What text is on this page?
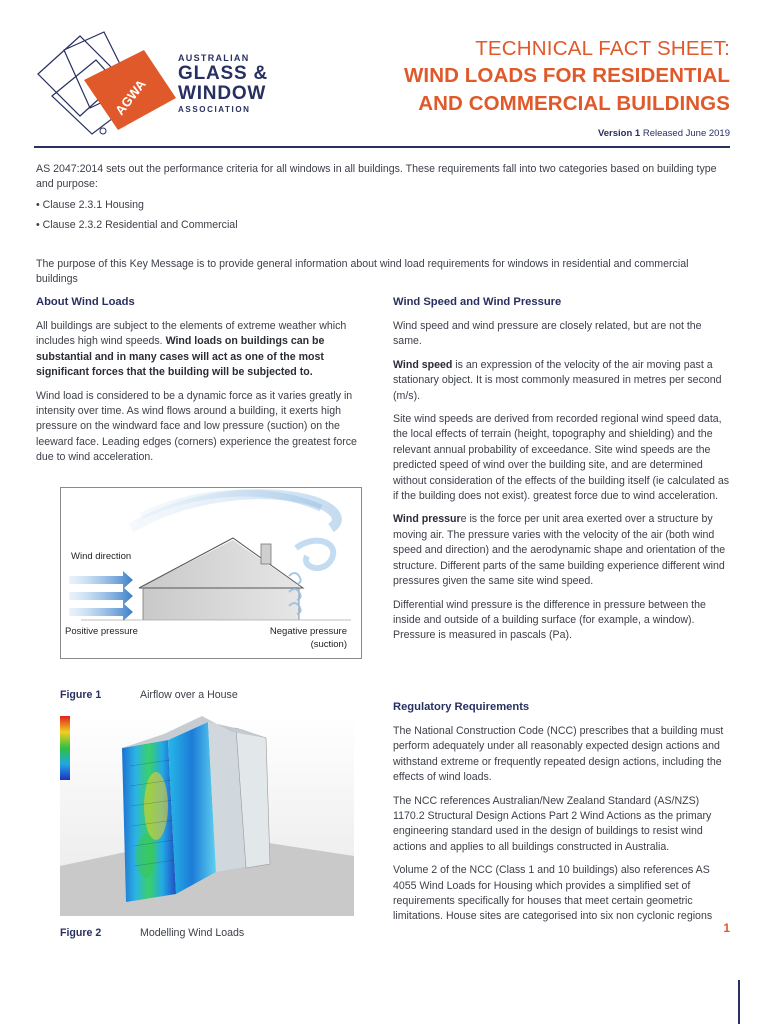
AGWA
AUSTRALIAN
GLASS &
WINDOW
ASSOCIATION
TECHNICAL FACT SHEET:
WIND LOADS FOR RESIDENTIAL
AND COMMERCIAL BUILDINGS
Version 1 Released June 2019
AS 2047:2014 sets out the performance criteria for all windows in all buildings. These requirements fall into two categories based on building type and purpose:
• Clause 2.3.1 Housing
• Clause 2.3.2 Residential and Commercial
The purpose of this Key Message is to provide general information about wind load requirements for windows in residential and commercial buildings
About Wind Loads
All buildings are subject to the elements of extreme weather which includes high wind speeds. Wind loads on buildings can be substantial and in many cases will act as one of the most significant forces that the building will be subjected to.
Wind load is considered to be a dynamic force as it varies greatly in intensity over time. As wind flows around a building, it exerts high pressure on the windward face and low pressure (suction) on the leeward face. Leading edges (corners) experience the greatest force due to wind acceleration.
Wind direction
Positive pressure	Negative pressure
(suction)
Figure 1	Airflow over a House
Figure 2	Modelling Wind Loads
Wind Speed and Wind Pressure
Wind speed and wind pressure are closely related, but are not the same.
Wind speed is an expression of the velocity of the air moving past a stationary object. It is most commonly measured in metres per second (m/s).
Site wind speeds are derived from recorded regional wind speed data, the local effects of terrain (height, topography and shielding) and the relevant annual probability of exceedance. Site wind speeds are the predicted speed of wind over the building site, and are determined without consideration of the effects of the building itself (ie calculated as if the building does not exist). greatest force due to wind acceleration.
Wind pressure is the force per unit area exerted over a structure by moving air. The pressure varies with the velocity of the air (both wind speed and direction) and the aerodynamic shape and orientation of the structure. Different parts of the same building experience different wind pressures given the same site wind speed.
Differential wind pressure is the difference in pressure between the inside and outside of a building surface (for example, a window). Pressure is measured in pascals (Pa).
Regulatory Requirements
The National Construction Code (NCC) prescribes that a building must perform adequately under all reasonably expected design actions and withstand extreme or frequently repeated design actions, including the effects of wind loads.
The NCC references Australian/New Zealand Standard (AS/NZS) 1170.2 Structural Design Actions Part 2 Wind Actions as the primary engineering standard used in the design of buildings to resist wind actions and applies to all buildings constructed in Australia.
Volume 2 of the NCC (Class 1 and 10 buildings) also references AS 4055 Wind Loads for Housing which provides a simplified set of requirements specifically for houses that meet certain geometric limitations. House sites are categorised into six non cyclonic regions
1
